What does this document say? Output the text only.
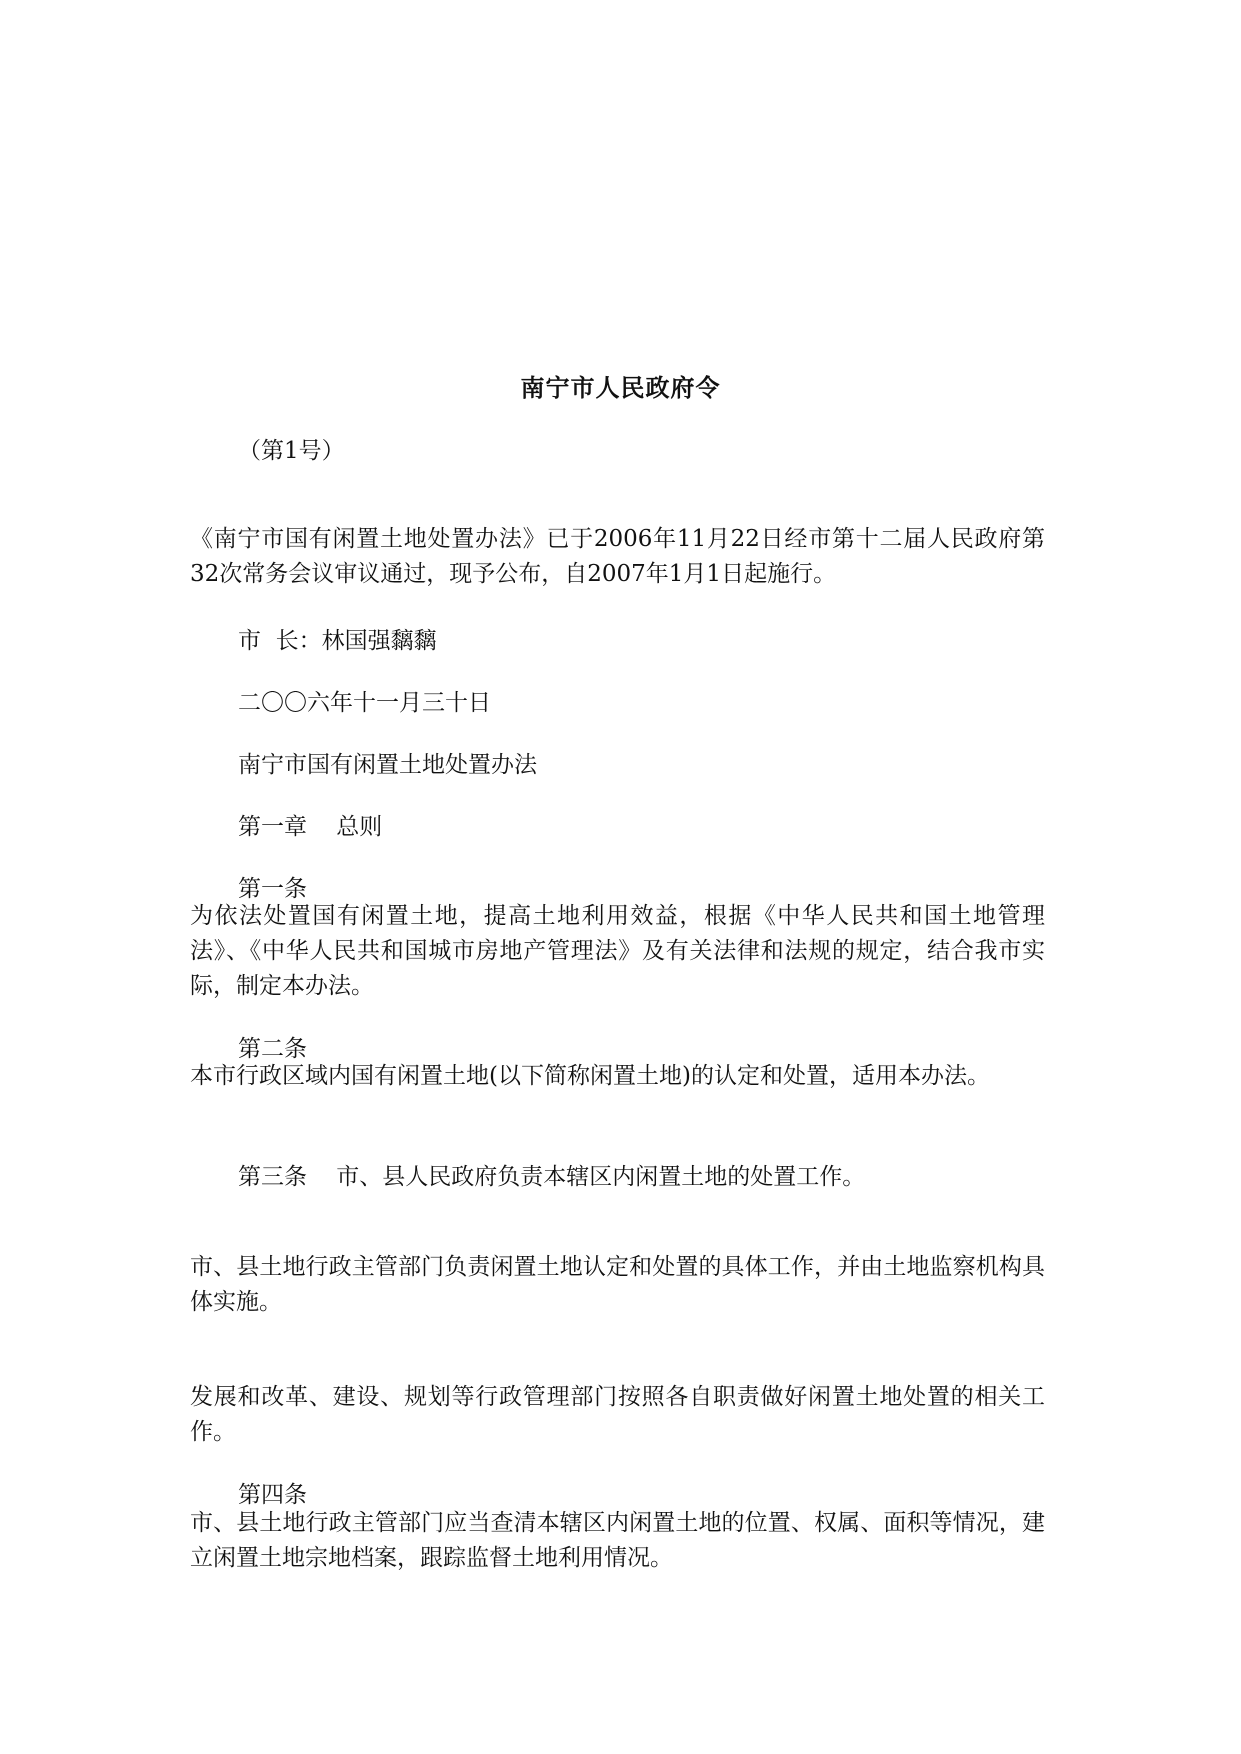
南宁市人民政府令
（第1号）
《南宁市国有闲置土地处置办法》已于2006年11月22日经市第十二届人民政府第32次常务会议审议通过，现予公布，自2007年1月1日起施行。
市  长：林国强黐黐
二〇〇六年十一月三十日
南宁市国有闲置土地处置办法
第一章    总则
第一条
为依法处置国有闲置土地，提高土地利用效益，根据《中华人民共和国土地管理法》、《中华人民共和国城市房地产管理法》及有关法律和法规的规定，结合我市实际，制定本办法。
第二条
本市行政区域内国有闲置土地(以下简称闲置土地)的认定和处置，适用本办法。
第三条    市、县人民政府负责本辖区内闲置土地的处置工作。
市、县土地行政主管部门负责闲置土地认定和处置的具体工作，并由土地监察机构具体实施。
发展和改革、建设、规划等行政管理部门按照各自职责做好闲置土地处置的相关工作。
第四条
市、县土地行政主管部门应当查清本辖区内闲置土地的位置、权属、面积等情况，建立闲置土地宗地档案，跟踪监督土地利用情况。
